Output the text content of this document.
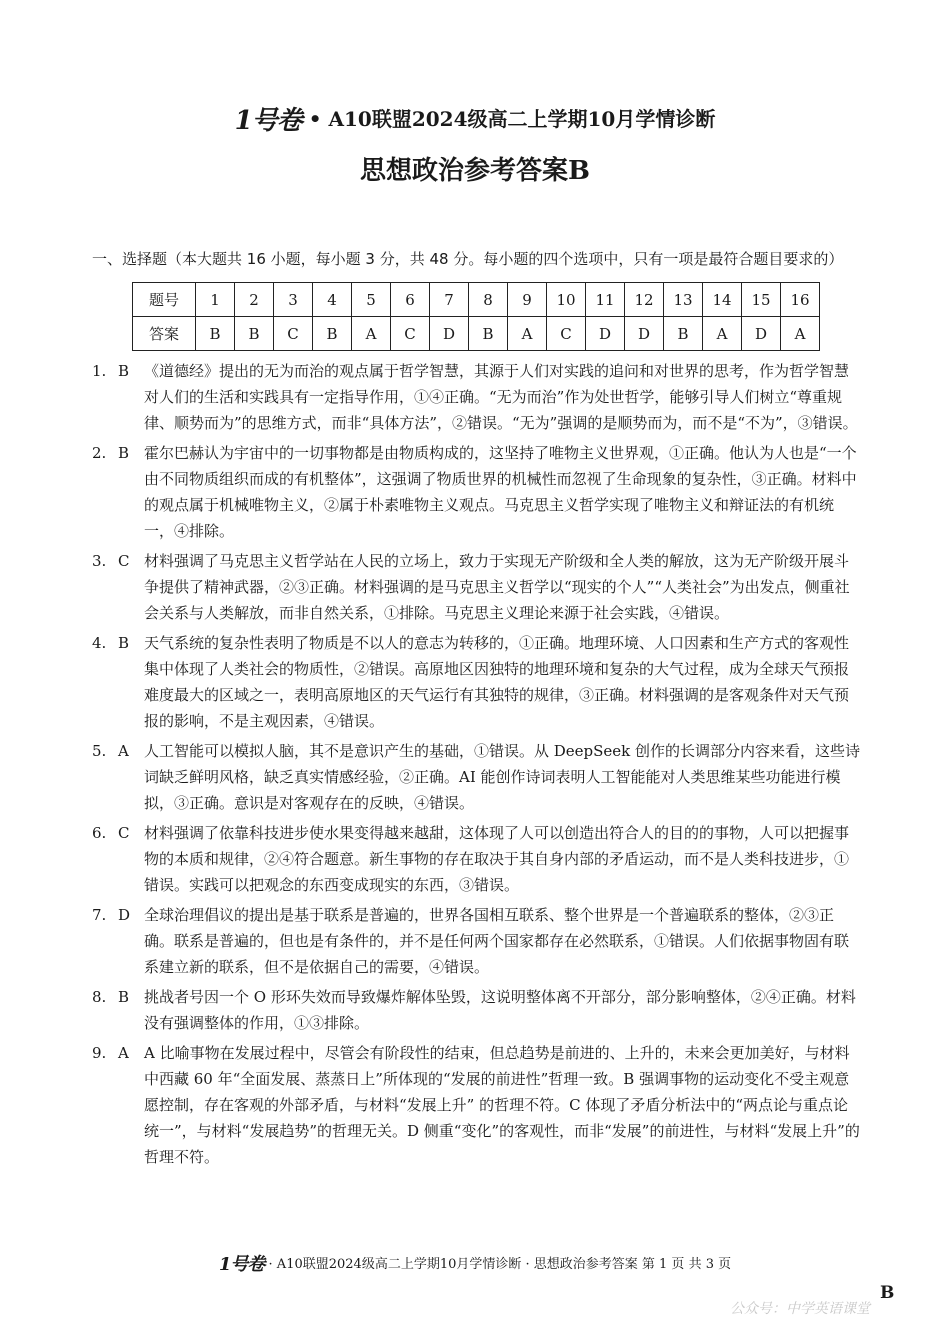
1号卷 • A10联盟2024级高二上学期10月学情诊断
思想政治参考答案B
一、选择题（本大题共 16 小题，每小题 3 分，共 48 分。每小题的四个选项中，只有一项是最符合题目要求的）
题号	1	2	3	4	5	6	7	8	9	10	11	12	13	14	15	16
答案	B	B	C	B	A	C	D	B	A	C	D	D	B	A	D	A
1. B 《道德经》提出的无为而治的观点属于哲学智慧，其源于人们对实践的追问和对世界的思考，作为哲学智慧对人们的生活和实践具有一定指导作用，①④正确。“无为而治”作为处世哲学，能够引导人们树立“尊重规律、顺势而为”的思维方式，而非“具体方法”，②错误。“无为”强调的是顺势而为，而不是“不为”，③错误。
2. B 霍尔巴赫认为宇宙中的一切事物都是由物质构成的，这坚持了唯物主义世界观，①正确。他认为人也是“一个由不同物质组织而成的有机整体”，这强调了物质世界的机械性而忽视了生命现象的复杂性，③正确。材料中的观点属于机械唯物主义，②属于朴素唯物主义观点。马克思主义哲学实现了唯物主义和辩证法的有机统一，④排除。
3. C 材料强调了马克思主义哲学站在人民的立场上，致力于实现无产阶级和全人类的解放，这为无产阶级开展斗争提供了精神武器，②③正确。材料强调的是马克思主义哲学以“现实的个人”“人类社会”为出发点，侧重社会关系与人类解放，而非自然关系，①排除。马克思主义理论来源于社会实践，④错误。
4. B 天气系统的复杂性表明了物质是不以人的意志为转移的，①正确。地理环境、人口因素和生产方式的客观性集中体现了人类社会的物质性，②错误。高原地区因独特的地理环境和复杂的大气过程，成为全球天气预报难度最大的区域之一，表明高原地区的天气运行有其独特的规律，③正确。材料强调的是客观条件对天气预报的影响，不是主观因素，④错误。
5. A	人工智能可以模拟人脑，其不是意识产生的基础，①错误。从 DeepSeek 创作的长调部分内容来看，这些诗词缺乏鲜明风格，缺乏真实情感经验，②正确。AI 能创作诗词表明人工智能能对人类思维某些功能进行模拟，③正确。意识是对客观存在的反映，④错误。
6. C 材料强调了依靠科技进步使水果变得越来越甜，这体现了人可以创造出符合人的目的的事物，人可以把握事物的本质和规律，②④符合题意。新生事物的存在取决于其自身内部的矛盾运动，而不是人类科技进步，①错误。实践可以把观念的东西变成现实的东西，③错误。
7. D 全球治理倡议的提出是基于联系是普遍的，世界各国相互联系、整个世界是一个普遍联系的整体，②③正确。联系是普遍的，但也是有条件的，并不是任何两个国家都存在必然联系，①错误。人们依据事物固有联系建立新的联系，但不是依据自己的需要，④错误。
8. B 挑战者号因一个 O 形环失效而导致爆炸解体坠毁，这说明整体离不开部分，部分影响整体，②④正确。材料没有强调整体的作用，①③排除。
9. A	A 比喻事物在发展过程中，尽管会有阶段性的结束，但总趋势是前进的、上升的，未来会更加美好，与材料中西藏 60 年“全面发展、蒸蒸日上”所体现的“发展的前进性”哲理一致。B 强调事物的运动变化不受主观意愿控制，存在客观的外部矛盾，与材料“发展上升” 的哲理不符。C 体现了矛盾分析法中的“两点论与重点论统一”，与材料“发展趋势”的哲理无关。D 侧重“变化”的客观性，而非“发展”的前进性，与材料“发展上升”的哲理不符。
1号卷 · A10联盟2024级高二上学期10月学情诊断 · 思想政治参考答案 第 1 页 共 3 页
B
公众号：中学英语课堂
